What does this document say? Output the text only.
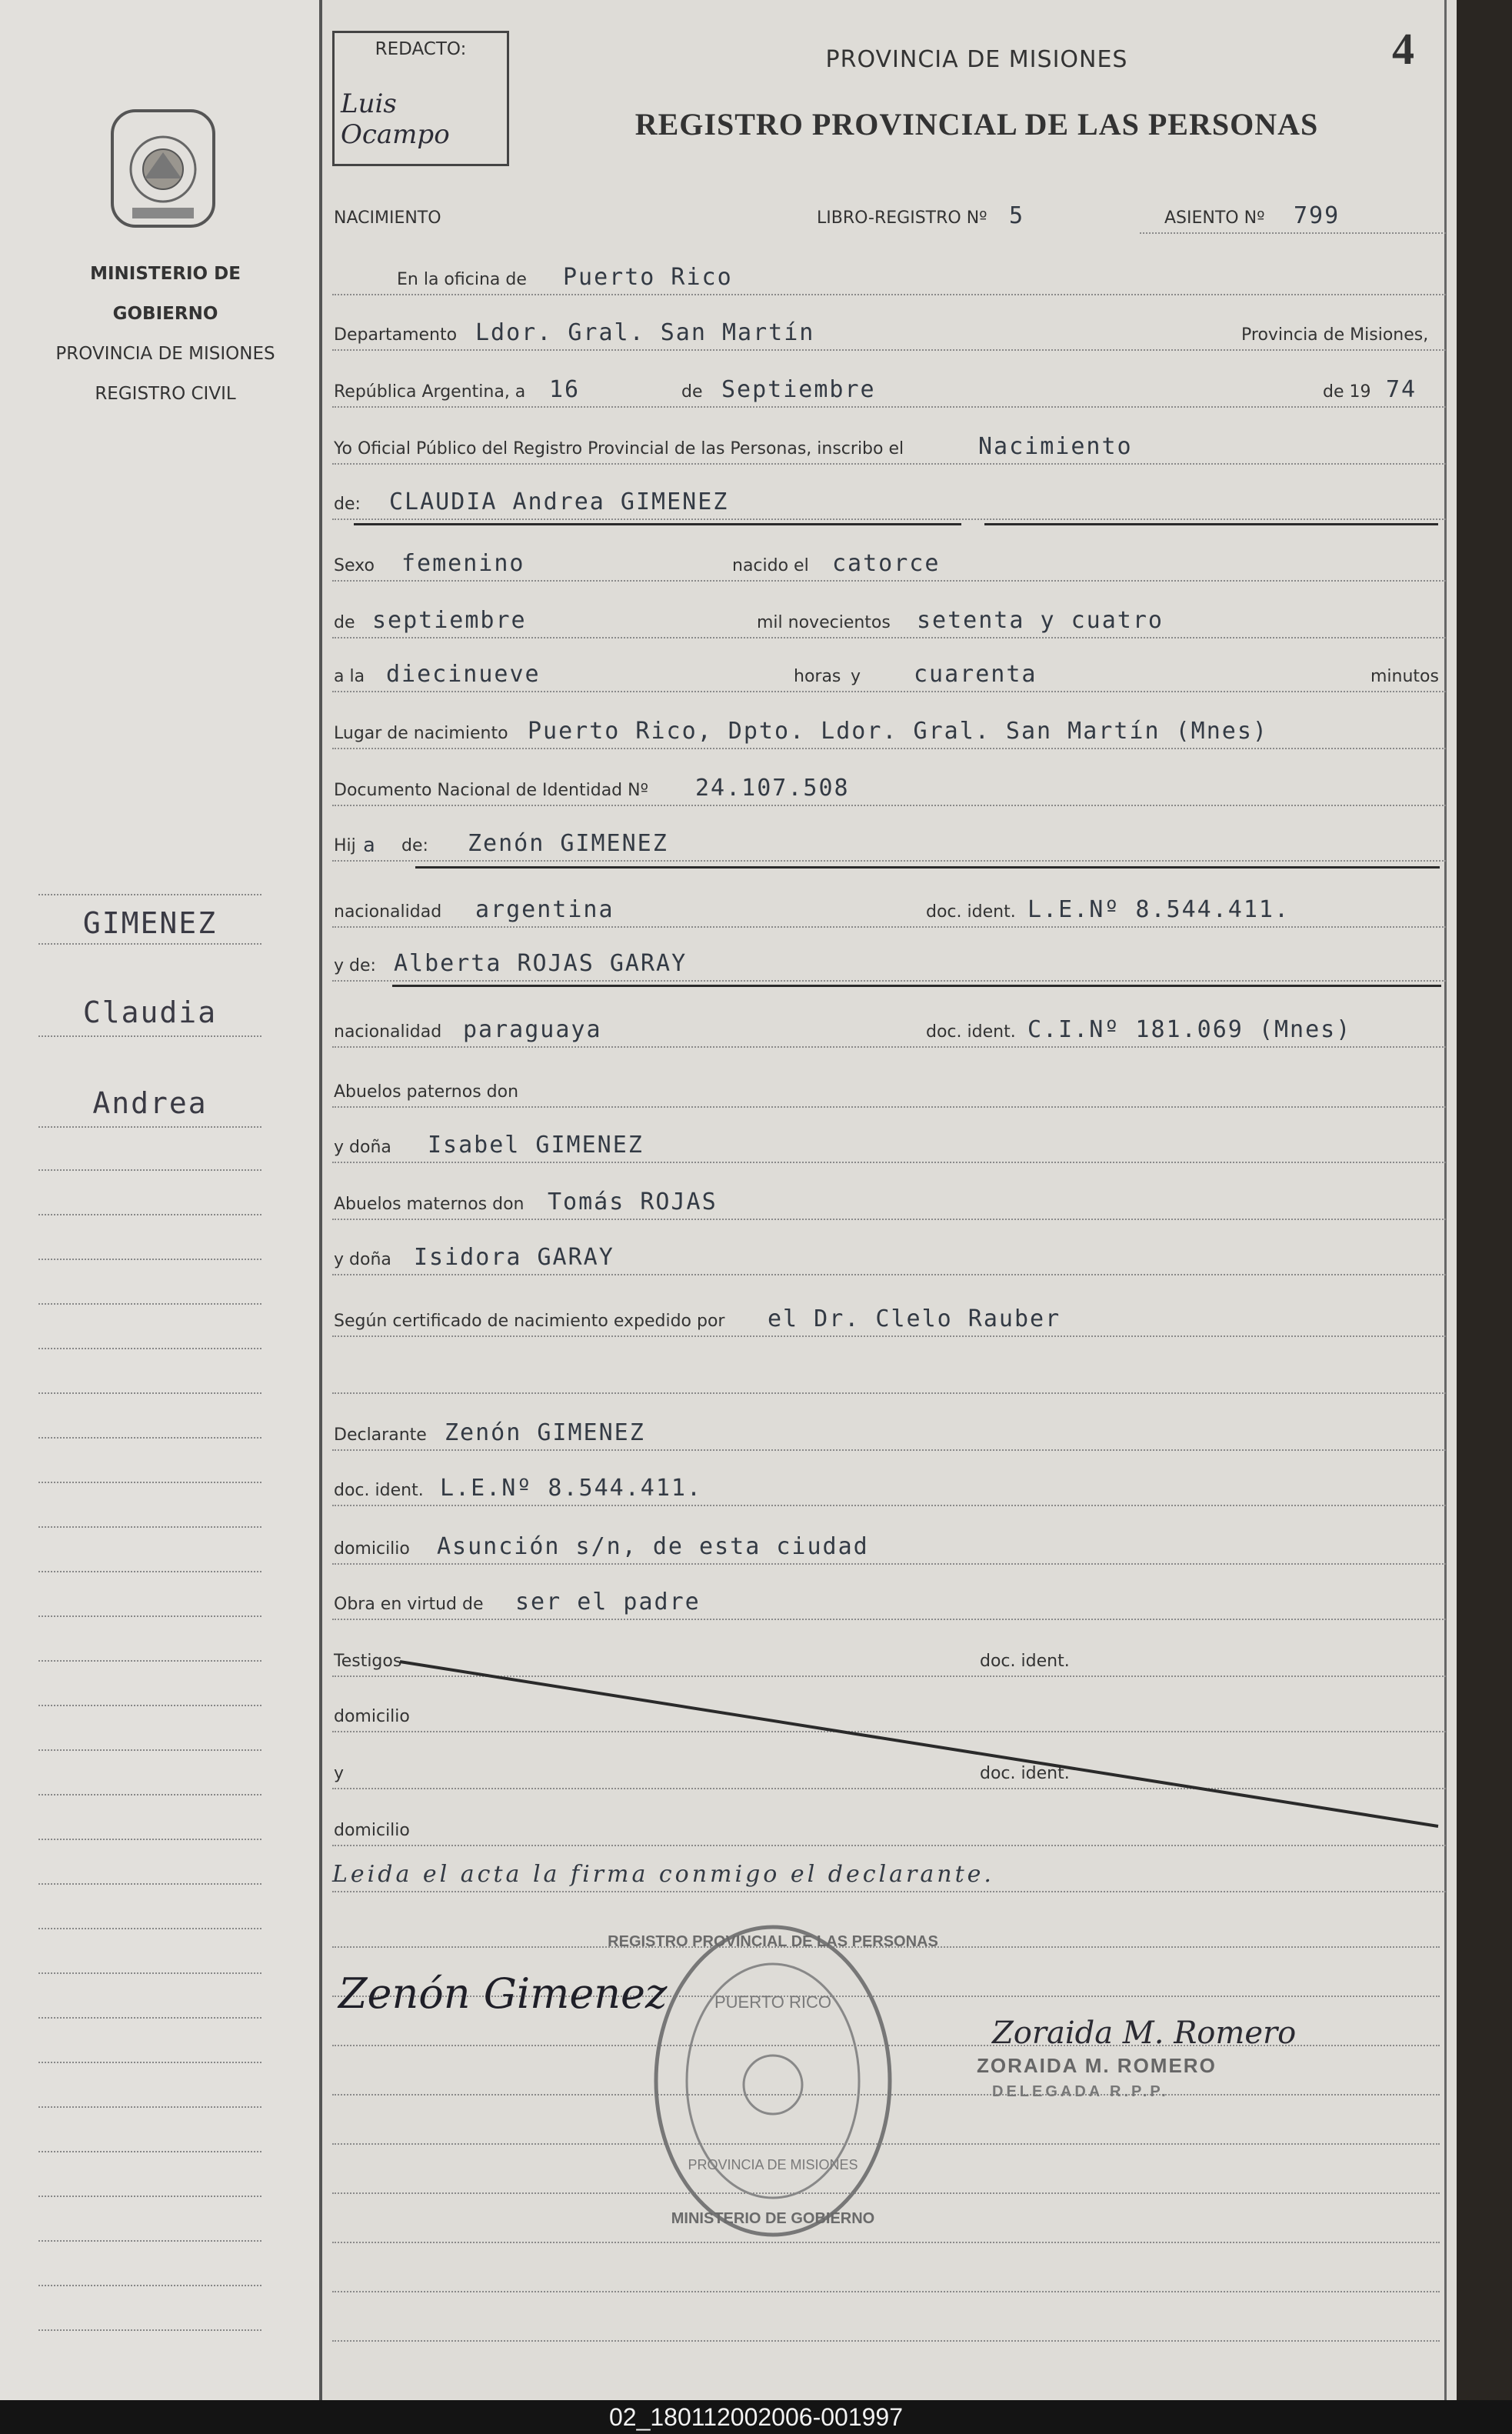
MINISTERIO DE GOBIERNO
PROVINCIA DE MISIONES
REGISTRO CIVIL
GIMENEZ
Claudia
Andrea
REDACTO:
Luis Ocampo
PROVINCIA DE MISIONES
REGISTRO PROVINCIAL DE LAS PERSONAS
4
NACIMIENTO	LIBRO-REGISTRO Nº 5	ASIENTO Nº 799
En la oficina de Puerto Rico
Departamento Ldor. Gral. San Martín	Provincia de Misiones,
República Argentina, a 16	de Septiembre	de 19 74
Yo Oficial Público del Registro Provincial de las Personas, inscribo el	Nacimiento
de: CLAUDIA Andrea GIMENEZ
Sexo femenino	nacido el catorce
de septiembre	mil novecientos setenta y cuatro
a la diecinueve	horas y cuarenta	minutos
Lugar de nacimiento Puerto Rico, Dpto. Ldor. Gral. San Martín (Mnes)
Documento Nacional de Identidad Nº 24.107.508
Hij a de: Zenón GIMENEZ
nacionalidad argentina	doc. ident. L.E.Nº 8.544.411.
y de: Alberta ROJAS GARAY
nacionalidad paraguaya	doc. ident. C.I.Nº 181.069 (Mnes)
Abuelos paternos don
y doña Isabel GIMENEZ
Abuelos maternos don Tomás ROJAS
y doña Isidora GARAY
Según certificado de nacimiento expedido por el Dr. Clelo Rauber
Declarante Zenón GIMENEZ
doc. ident. L.E.Nº 8.544.411.
domicilio Asunción s/n, de esta ciudad
Obra en virtud de ser el padre
Testigos	doc. ident.
domicilio
y	doc. ident.
domicilio
Leida el acta la firma conmigo el declarante.
REGISTRO PROVINCIAL DE LAS PERSONAS
PUERTO RICO
PROVINCIA DE MISIONES
MINISTERIO DE GOBIERNO
Zenón Gimenez
Zoraida M. Romero
ZORAIDA M. ROMERO
DELEGADA R.P.P.
02_180112002006-001997
